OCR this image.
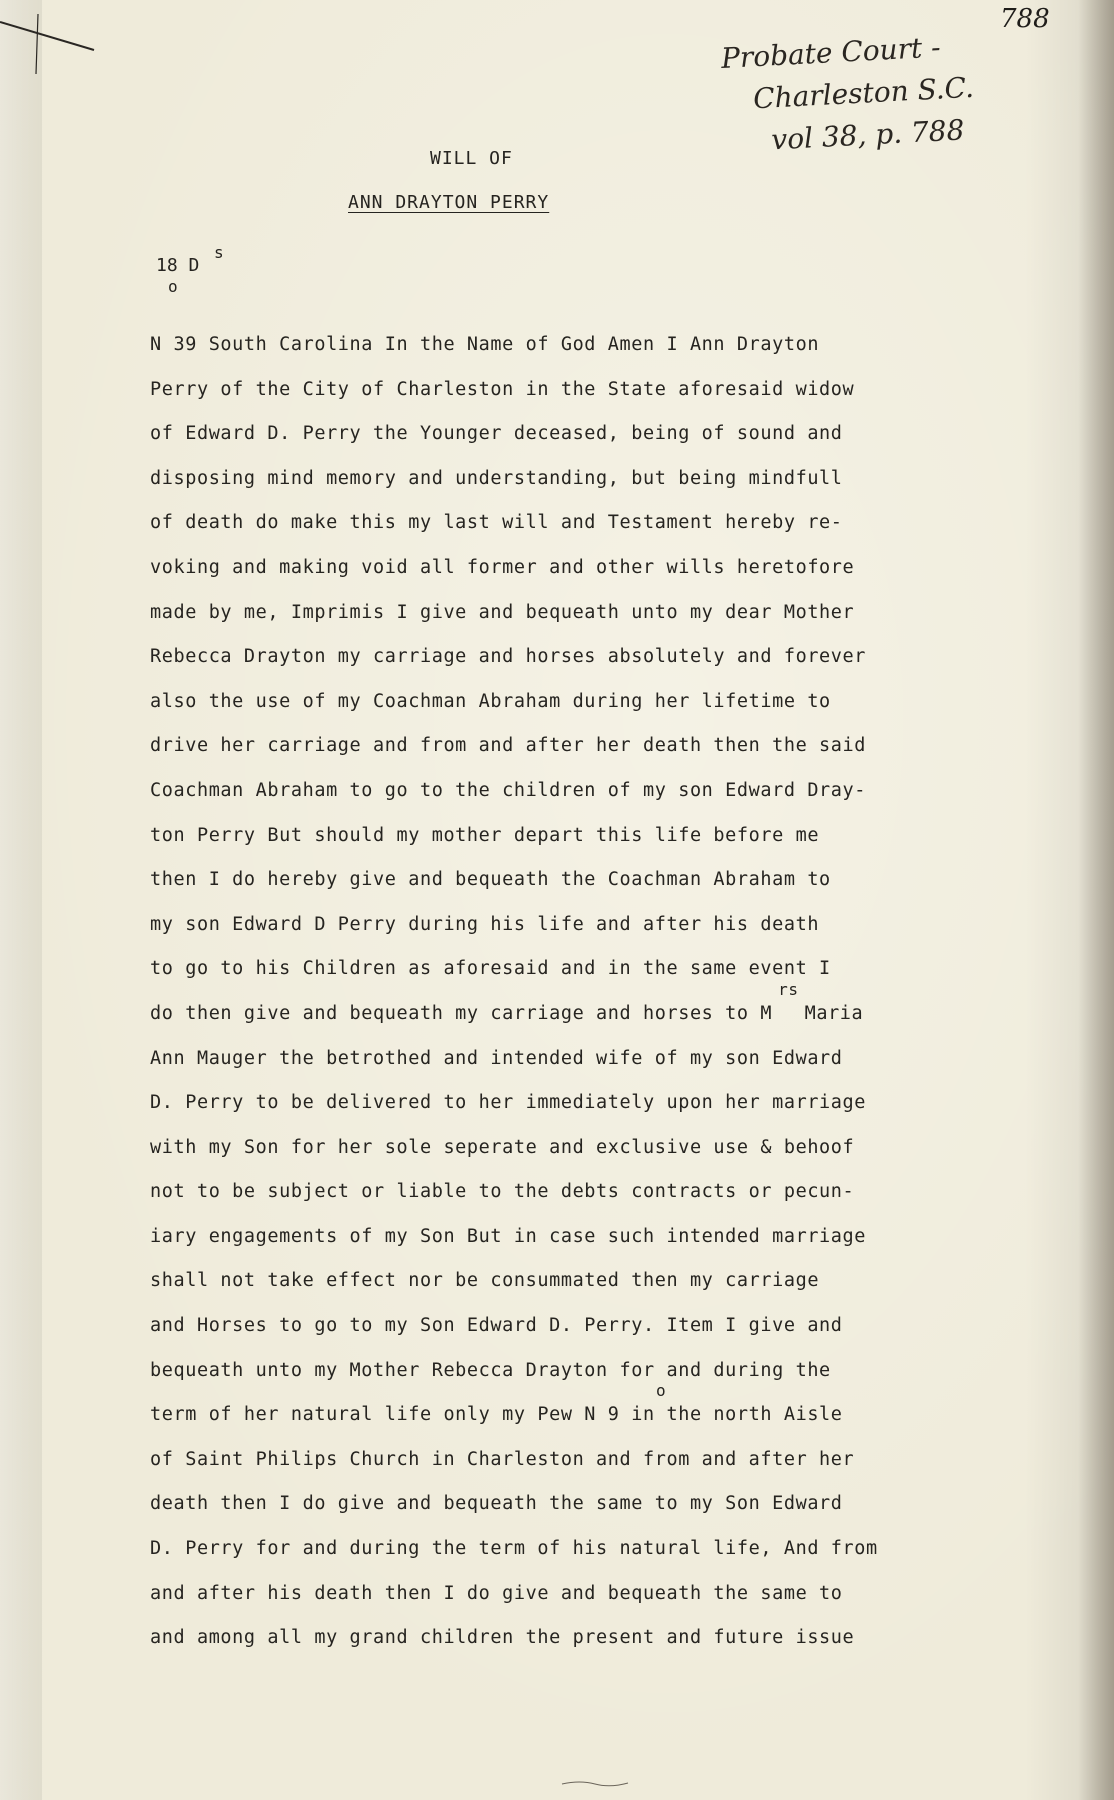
788
Probate Court -
Charleston S.C.
vol 38, p. 788
WILL OF
ANN DRAYTON PERRY
18 D
s
o
N 39 South Carolina In the Name of God Amen I Ann Drayton
Perry of the City of Charleston in the State aforesaid widow
of Edward D. Perry the Younger deceased, being of sound and
disposing mind memory and understanding, but being mindfull
of death do make this my last will and Testament hereby re-
voking and making void all former and other wills heretofore
made by me, Imprimis I give and bequeath unto my dear Mother
Rebecca Drayton my carriage and horses absolutely and forever
also the use of my Coachman Abraham during her lifetime to
drive her carriage and from and after her death then the said
Coachman Abraham to go to the children of my son Edward Dray-
ton Perry But should my mother depart this life before me
then I do hereby give and bequeath the Coachman Abraham to
my son Edward D Perry during his life and after his death
to go to his Children as aforesaid and in the same event I
do then give and bequeath my carriage and horses to MrsMaria
Ann Mauger the betrothed and intended wife of my son Edward
D. Perry to be delivered to her immediately upon her marriage
with my Son for her sole seperate and exclusive use & behoof
not to be subject or liable to the debts contracts or pecun-
iary engagements of my Son But in case such intended marriage
shall not take effect nor be consummated then my carriage
and Horses to go to my Son Edward D. Perry. Item I give and
bequeath unto my Mother Rebecca Drayton for and during the
term of her natural life only my Pew N 9 in the north Aisle
o
of Saint Philips Church in Charleston and from and after her
death then I do give and bequeath the same to my Son Edward
D. Perry for and during the term of his natural life, And from
and after his death then I do give and bequeath the same to
and among all my grand children the present and future issue
